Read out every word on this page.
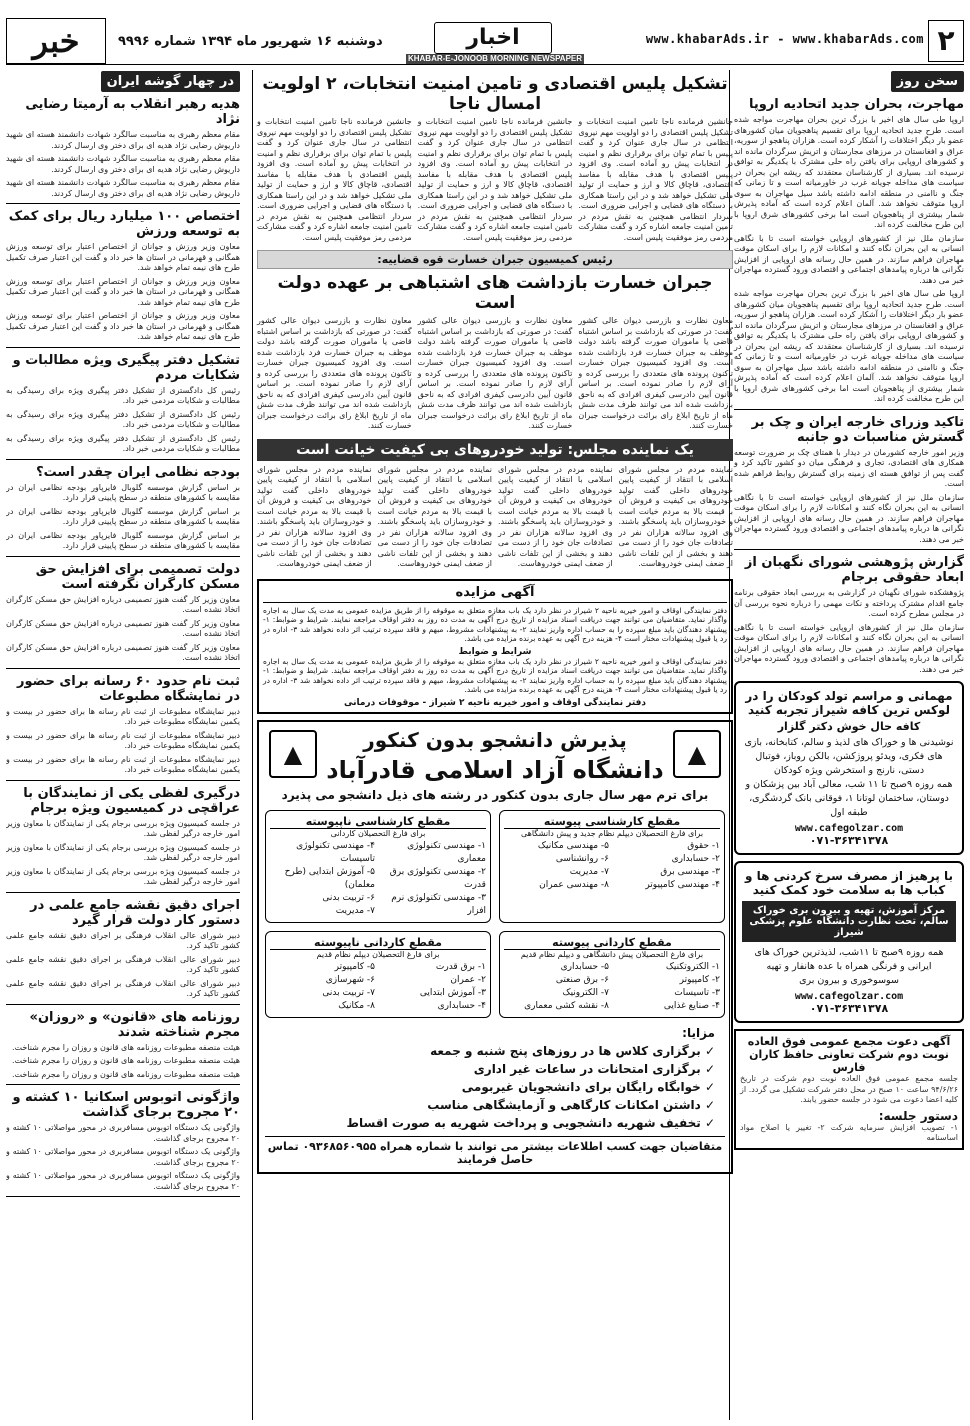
۲
www.khabarAds.ir - www.khabarAds.com
اخبار
KHABAR-E-JONOOB MORNING NEWSPAPER
دوشنبه ۱۶ شهریور ماه ۱۳۹۴ شماره ۹۹۹۶
خبر
سخن روز
مهاجرت، بحران جدید اتحادیه اروپا

اروپا طی سال های اخیر با بزرگ ترین بحران مهاجرت مواجه شده است. طرح جدید اتحادیه اروپا برای تقسیم پناهجویان میان کشورهای عضو بار دیگر اختلافات را آشکار کرده است. هزاران پناهجو از سوریه، عراق و افغانستان در مرزهای مجارستان و اتریش سرگردان مانده اند و کشورهای اروپایی برای یافتن راه حلی مشترک با یکدیگر به توافق نرسیده اند. بسیاری از کارشناسان معتقدند که ریشه این بحران در سیاست های مداخله جویانه غرب در خاورمیانه است و تا زمانی که جنگ و ناامنی در منطقه ادامه داشته باشد سیل مهاجران به سوی اروپا متوقف نخواهد شد. آلمان اعلام کرده است که آماده پذیرش شمار بیشتری از پناهجویان است اما برخی کشورهای شرق اروپا با این طرح مخالفت کرده اند.

سازمان ملل نیز از کشورهای اروپایی خواسته است تا با نگاهی انسانی به این بحران نگاه کنند و امکانات لازم را برای اسکان موقت مهاجران فراهم سازند. در همین حال رسانه های اروپایی از افزایش نگرانی ها درباره پیامدهای اجتماعی و اقتصادی ورود گسترده مهاجران خبر می دهند.

اروپا طی سال های اخیر با بزرگ ترین بحران مهاجرت مواجه شده است. طرح جدید اتحادیه اروپا برای تقسیم پناهجویان میان کشورهای عضو بار دیگر اختلافات را آشکار کرده است. هزاران پناهجو از سوریه، عراق و افغانستان در مرزهای مجارستان و اتریش سرگردان مانده اند و کشورهای اروپایی برای یافتن راه حلی مشترک با یکدیگر به توافق نرسیده اند. بسیاری از کارشناسان معتقدند که ریشه این بحران در سیاست های مداخله جویانه غرب در خاورمیانه است و تا زمانی که جنگ و ناامنی در منطقه ادامه داشته باشد سیل مهاجران به سوی اروپا متوقف نخواهد شد. آلمان اعلام کرده است که آماده پذیرش شمار بیشتری از پناهجویان است اما برخی کشورهای شرق اروپا با این طرح مخالفت کرده اند.

تاکید وزرای خارجه ایران و چک بر گسترش مناسبات دو جانبه

وزیر امور خارجه کشورمان در دیدار با همتای چک بر ضرورت توسعه همکاری های اقتصادی، تجاری و فرهنگی میان دو کشور تاکید کرد و گفت پس از توافق هسته ای زمینه برای گسترش روابط فراهم شده است.

سازمان ملل نیز از کشورهای اروپایی خواسته است تا با نگاهی انسانی به این بحران نگاه کنند و امکانات لازم را برای اسکان موقت مهاجران فراهم سازند. در همین حال رسانه های اروپایی از افزایش نگرانی ها درباره پیامدهای اجتماعی و اقتصادی ورود گسترده مهاجران خبر می دهند.

گزارش پژوهشی شورای نگهبان از ابعاد حقوقی برجام

پژوهشکده شورای نگهبان در گزارشی به بررسی ابعاد حقوقی برنامه جامع اقدام مشترک پرداخته و نکات مهمی را درباره نحوه بررسی آن در مجلس مطرح کرده است.

سازمان ملل نیز از کشورهای اروپایی خواسته است تا با نگاهی انسانی به این بحران نگاه کنند و امکانات لازم را برای اسکان موقت مهاجران فراهم سازند. در همین حال رسانه های اروپایی از افزایش نگرانی ها درباره پیامدهای اجتماعی و اقتصادی ورود گسترده مهاجران خبر می دهند.

مهمانی و مراسم تولد کودکان را در لوکس ترین کافه شیراز تجربه کنید
کافه حال خوش دکتر گلزار
نوشیدنی ها و خوراک های لذیذ و سالم، کتابخانه، بازی های فکری، ویدئو پروژکشن، بالکن روباز، فوتبال دستی، نارنج و استخرشن ویژه کودکان
همه روزه ۹صبح تا ۱۱ شب، معالی آباد بین پزشکان و دوستان، ساختمان لوتانا ۱، فوقانی بانک گردشگری، طبقه اول
www.cafegolzar.com
۰۷۱-۳۶۳۴۱۳۷۸
با پرهیز از مصرف سرخ کردنی ها و کباب ها به سلامت خود کمک کنید
مرکز آموزش، تهیه و بیرون بری خوراک سالم، تحت نظارت دانشگاه علوم پزشکی شیراز
همه روزه ۹صبح تا ۱۱شب، لذیذترین خوراک های ایرانی و فرنگی همراه با عده هانفار و تهیه سوسوخوری و بیرون بری
www.cafegolzar.com
۰۷۱-۳۶۳۴۱۳۷۸
آگهی دعوت مجمع عمومی فوق العاده نوبت دوم شرکت تعاونی حافظ کاران فارس
جلسه مجمع عمومی فوق العاده نوبت دوم شرکت در تاریخ ۹۴/۶/۲۶ ساعت ۱۰ صبح در محل دفتر شرکت تشکیل می گردد. از کلیه اعضا دعوت می شود در جلسه حضور یابند.
دستور جلسه:
۱- تصویب افزایش سرمایه شرکت ۲- تغییر یا اصلاح مواد اساسنامه
تشکیل پلیس اقتصادی و تامین امنیت انتخابات، ۲ اولویت امسال ناجا

جانشین فرمانده ناجا تامین امنیت انتخابات و تشکیل پلیس اقتصادی را دو اولویت مهم نیروی انتظامی در سال جاری عنوان کرد و گفت پلیس با تمام توان برای برقراری نظم و امنیت در انتخابات پیش رو آماده است. وی افزود پلیس اقتصادی با هدف مقابله با مفاسد اقتصادی، قاچاق کالا و ارز و حمایت از تولید ملی تشکیل خواهد شد و در این راستا همکاری با دستگاه های قضایی و اجرایی ضروری است. سردار انتظامی همچنین به نقش مردم در تامین امنیت جامعه اشاره کرد و گفت مشارکت مردمی رمز موفقیت پلیس است.

جانشین فرمانده ناجا تامین امنیت انتخابات و تشکیل پلیس اقتصادی را دو اولویت مهم نیروی انتظامی در سال جاری عنوان کرد و گفت پلیس با تمام توان برای برقراری نظم و امنیت در انتخابات پیش رو آماده است. وی افزود پلیس اقتصادی با هدف مقابله با مفاسد اقتصادی، قاچاق کالا و ارز و حمایت از تولید ملی تشکیل خواهد شد و در این راستا همکاری با دستگاه های قضایی و اجرایی ضروری است. سردار انتظامی همچنین به نقش مردم در تامین امنیت جامعه اشاره کرد و گفت مشارکت مردمی رمز موفقیت پلیس است.

جانشین فرمانده ناجا تامین امنیت انتخابات و تشکیل پلیس اقتصادی را دو اولویت مهم نیروی انتظامی در سال جاری عنوان کرد و گفت پلیس با تمام توان برای برقراری نظم و امنیت در انتخابات پیش رو آماده است. وی افزود پلیس اقتصادی با هدف مقابله با مفاسد اقتصادی، قاچاق کالا و ارز و حمایت از تولید ملی تشکیل خواهد شد و در این راستا همکاری با دستگاه های قضایی و اجرایی ضروری است. سردار انتظامی همچنین به نقش مردم در تامین امنیت جامعه اشاره کرد و گفت مشارکت مردمی رمز موفقیت پلیس است.

رئیس کمیسیون جبران خسارت قوه قضاییه:
جبران خسارت بازداشت های اشتباهی بر عهده دولت است

معاون نظارت و بازرسی دیوان عالی کشور گفت: در صورتی که بازداشت بر اساس اشتباه قاضی یا ماموران صورت گرفته باشد دولت موظف به جبران خسارت فرد بازداشت شده است. وی افزود کمیسیون جبران خسارت تاکنون پرونده های متعددی را بررسی کرده و آرای لازم را صادر نموده است. بر اساس قانون آیین دادرسی کیفری افرادی که به ناحق بازداشت شده اند می توانند ظرف مدت شش ماه از تاریخ ابلاغ رای برائت درخواست جبران خسارت کنند.

معاون نظارت و بازرسی دیوان عالی کشور گفت: در صورتی که بازداشت بر اساس اشتباه قاضی یا ماموران صورت گرفته باشد دولت موظف به جبران خسارت فرد بازداشت شده است. وی افزود کمیسیون جبران خسارت تاکنون پرونده های متعددی را بررسی کرده و آرای لازم را صادر نموده است. بر اساس قانون آیین دادرسی کیفری افرادی که به ناحق بازداشت شده اند می توانند ظرف مدت شش ماه از تاریخ ابلاغ رای برائت درخواست جبران خسارت کنند.

معاون نظارت و بازرسی دیوان عالی کشور گفت: در صورتی که بازداشت بر اساس اشتباه قاضی یا ماموران صورت گرفته باشد دولت موظف به جبران خسارت فرد بازداشت شده است. وی افزود کمیسیون جبران خسارت تاکنون پرونده های متعددی را بررسی کرده و آرای لازم را صادر نموده است. بر اساس قانون آیین دادرسی کیفری افرادی که به ناحق بازداشت شده اند می توانند ظرف مدت شش ماه از تاریخ ابلاغ رای برائت درخواست جبران خسارت کنند.

یک نماینده مجلس: تولید خودروهای بی کیفیت خیانت است

نماینده مردم در مجلس شورای اسلامی با انتقاد از کیفیت پایین خودروهای داخلی گفت تولید خودروهای بی کیفیت و فروش آن با قیمت بالا به مردم خیانت است و خودروسازان باید پاسخگو باشند. وی افزود سالانه هزاران نفر در تصادفات جان خود را از دست می دهند و بخشی از این تلفات ناشی از ضعف ایمنی خودروهاست.

نماینده مردم در مجلس شورای اسلامی با انتقاد از کیفیت پایین خودروهای داخلی گفت تولید خودروهای بی کیفیت و فروش آن با قیمت بالا به مردم خیانت است و خودروسازان باید پاسخگو باشند. وی افزود سالانه هزاران نفر در تصادفات جان خود را از دست می دهند و بخشی از این تلفات ناشی از ضعف ایمنی خودروهاست.

نماینده مردم در مجلس شورای اسلامی با انتقاد از کیفیت پایین خودروهای داخلی گفت تولید خودروهای بی کیفیت و فروش آن با قیمت بالا به مردم خیانت است و خودروسازان باید پاسخگو باشند. وی افزود سالانه هزاران نفر در تصادفات جان خود را از دست می دهند و بخشی از این تلفات ناشی از ضعف ایمنی خودروهاست.

نماینده مردم در مجلس شورای اسلامی با انتقاد از کیفیت پایین خودروهای داخلی گفت تولید خودروهای بی کیفیت و فروش آن با قیمت بالا به مردم خیانت است و خودروسازان باید پاسخگو باشند. وی افزود سالانه هزاران نفر در تصادفات جان خود را از دست می دهند و بخشی از این تلفات ناشی از ضعف ایمنی خودروهاست.

آگهی مزایده
دفتر نمایندگی اوقاف و امور خیریه ناحیه ۲ شیراز در نظر دارد یک باب مغازه متعلق به موقوفه را از طریق مزایده عمومی به مدت یک سال به اجاره واگذار نماید. متقاضیان می توانند جهت دریافت اسناد مزایده از تاریخ درج آگهی به مدت ده روز به دفتر اوقاف مراجعه نمایند. شرایط و ضوابط: ۱- پیشنهاد دهندگان باید مبلغ سپرده را به حساب اداره واریز نمایند ۲- به پیشنهادات مشروط، مبهم و فاقد سپرده ترتیب اثر داده نخواهد شد ۳- اداره در رد یا قبول پیشنهادات مختار است ۴- هزینه درج آگهی به عهده برنده مزایده می باشد.
شرایط و ضوابط
دفتر نمایندگی اوقاف و امور خیریه ناحیه ۲ شیراز در نظر دارد یک باب مغازه متعلق به موقوفه را از طریق مزایده عمومی به مدت یک سال به اجاره واگذار نماید. متقاضیان می توانند جهت دریافت اسناد مزایده از تاریخ درج آگهی به مدت ده روز به دفتر اوقاف مراجعه نمایند. شرایط و ضوابط: ۱- پیشنهاد دهندگان باید مبلغ سپرده را به حساب اداره واریز نمایند ۲- به پیشنهادات مشروط، مبهم و فاقد سپرده ترتیب اثر داده نخواهد شد ۳- اداره در رد یا قبول پیشنهادات مختار است ۴- هزینه درج آگهی به عهده برنده مزایده می باشد.
دفتر نمایندگی اوقاف و امور خیریه ناحیه ۲ شیراز - موقوفات درمانی
▲
▲	پذیرش دانشجو بدون کنکور
دانشگاه آزاد اسلامی قادرآباد
برای ترم مهر سال جاری بدون کنکور در رشته های ذیل دانشجو می پذیرد
مقطع کارشناسی پیوسته
برای فارغ التحصیلان دیپلم نظام جدید و پیش دانشگاهی
۱- حقوق
۲- حسابداری
۳- مهندسی برق
۴- مهندسی کامپیوتر
۵- مهندسی مکانیک
۶- روانشناسی
۷- مدیریت
۸- مهندسی عمران
مقطع کارشناسی ناپیوسته
برای فارغ التحصیلان کاردانی
۱- مهندسی تکنولوژی معماری
۲- مهندسی تکنولوژی برق قدرت
۳- مهندسی تکنولوژی نرم افزار
۴- مهندسی تکنولوژی تاسیسات
۵- آموزش ابتدایی (طرح معلمان)
۶- تربیت بدنی
۷- مدیریت
مقطع کاردانی پیوسته
برای فارغ التحصیلان پیش دانشگاهی و دیپلم نظام قدیم
۱- الکتروتکنیک
۲- کامپیوتر
۳- تاسیسات
۴- صنایع غذایی
۵- حسابداری
۶- برق صنعتی
۷- الکترونیک
۸- نقشه کشی معماری
مقطع کاردانی ناپیوسته
برای فارغ التحصیلان دیپلم نظام قدیم
۱- برق قدرت
۲- عمران
۳- آموزش ابتدایی
۴- حسابداری
۵- کامپیوتر
۶- شهرسازی
۷- تربیت بدنی
۸- مکانیک
مزایا:
✓ برگزاری کلاس ها در روزهای پنج شنبه و جمعه
✓ برگزاری امتحانات در ساعات غیر اداری
✓ خوابگاه رایگان برای دانشجویان غیربومی
✓ داشتن امکانات کارگاهی و آزمایشگاهی مناسب
✓ تخفیف شهریه دانشجویی و پرداخت شهریه به صورت اقساط
متقاضیان جهت کسب اطلاعات بیشتر می توانند با شماره همراه ۰۹۳۶۸۵۶۰۹۵۵ تماس حاصل فرمایند
در چهار گوشه ایران
هدیه رهبر انقلاب به آرمیتا رضایی نژاد

مقام معظم رهبری به مناسبت سالگرد شهادت دانشمند هسته ای شهید داریوش رضایی نژاد هدیه ای برای دختر وی ارسال کردند.

مقام معظم رهبری به مناسبت سالگرد شهادت دانشمند هسته ای شهید داریوش رضایی نژاد هدیه ای برای دختر وی ارسال کردند.

مقام معظم رهبری به مناسبت سالگرد شهادت دانشمند هسته ای شهید داریوش رضایی نژاد هدیه ای برای دختر وی ارسال کردند.

اختصاص ۱۰۰ میلیارد ریال برای کمک به توسعه ورزش

معاون وزیر ورزش و جوانان از اختصاص اعتبار برای توسعه ورزش همگانی و قهرمانی در استان ها خبر داد و گفت این اعتبار صرف تکمیل طرح های نیمه تمام خواهد شد.

معاون وزیر ورزش و جوانان از اختصاص اعتبار برای توسعه ورزش همگانی و قهرمانی در استان ها خبر داد و گفت این اعتبار صرف تکمیل طرح های نیمه تمام خواهد شد.

معاون وزیر ورزش و جوانان از اختصاص اعتبار برای توسعه ورزش همگانی و قهرمانی در استان ها خبر داد و گفت این اعتبار صرف تکمیل طرح های نیمه تمام خواهد شد.

تشکیل دفتر پیگیری ویژه مطالبات و شکایات مردم

رئیس کل دادگستری از تشکیل دفتر پیگیری ویژه برای رسیدگی به مطالبات و شکایات مردمی خبر داد.

رئیس کل دادگستری از تشکیل دفتر پیگیری ویژه برای رسیدگی به مطالبات و شکایات مردمی خبر داد.

رئیس کل دادگستری از تشکیل دفتر پیگیری ویژه برای رسیدگی به مطالبات و شکایات مردمی خبر داد.

بودجه نظامی ایران چقدر است؟

بر اساس گزارش موسسه گلوبال فایرپاور بودجه نظامی ایران در مقایسه با کشورهای منطقه در سطح پایینی قرار دارد.

بر اساس گزارش موسسه گلوبال فایرپاور بودجه نظامی ایران در مقایسه با کشورهای منطقه در سطح پایینی قرار دارد.

بر اساس گزارش موسسه گلوبال فایرپاور بودجه نظامی ایران در مقایسه با کشورهای منطقه در سطح پایینی قرار دارد.

دولت تصمیمی برای افزایش حق مسکن کارگران نگرفته است

معاون وزیر کار گفت هنوز تصمیمی درباره افزایش حق مسکن کارگران اتخاذ نشده است.

معاون وزیر کار گفت هنوز تصمیمی درباره افزایش حق مسکن کارگران اتخاذ نشده است.

معاون وزیر کار گفت هنوز تصمیمی درباره افزایش حق مسکن کارگران اتخاذ نشده است.

ثبت نام حدود ۶۰ رسانه برای حضور در نمایشگاه مطبوعات

دبیر نمایشگاه مطبوعات از ثبت نام رسانه ها برای حضور در بیست و یکمین نمایشگاه مطبوعات خبر داد.

دبیر نمایشگاه مطبوعات از ثبت نام رسانه ها برای حضور در بیست و یکمین نمایشگاه مطبوعات خبر داد.

دبیر نمایشگاه مطبوعات از ثبت نام رسانه ها برای حضور در بیست و یکمین نمایشگاه مطبوعات خبر داد.

درگیری لفظی یکی از نمایندگان با عراقچی در کمیسیون ویژه برجام

در جلسه کمیسیون ویژه بررسی برجام یکی از نمایندگان با معاون وزیر امور خارجه درگیر لفظی شد.

در جلسه کمیسیون ویژه بررسی برجام یکی از نمایندگان با معاون وزیر امور خارجه درگیر لفظی شد.

در جلسه کمیسیون ویژه بررسی برجام یکی از نمایندگان با معاون وزیر امور خارجه درگیر لفظی شد.

اجرای دقیق نقشه جامع علمی در دستور کار دولت قرار گیرد

دبیر شورای عالی انقلاب فرهنگی بر اجرای دقیق نقشه جامع علمی کشور تاکید کرد.

دبیر شورای عالی انقلاب فرهنگی بر اجرای دقیق نقشه جامع علمی کشور تاکید کرد.

دبیر شورای عالی انقلاب فرهنگی بر اجرای دقیق نقشه جامع علمی کشور تاکید کرد.

روزنامه های «قانون» و «روزان» مجرم شناخته شدند

هیئت منصفه مطبوعات روزنامه های قانون و روزان را مجرم شناخت.

هیئت منصفه مطبوعات روزنامه های قانون و روزان را مجرم شناخت.

هیئت منصفه مطبوعات روزنامه های قانون و روزان را مجرم شناخت.

واژگونی اتوبوس اسکانیا ۱۰ کشته و ۲۰ مجروح برجای گذاشت

واژگونی یک دستگاه اتوبوس مسافربری در محور مواصلاتی ۱۰ کشته و ۲۰ مجروح برجای گذاشت.

واژگونی یک دستگاه اتوبوس مسافربری در محور مواصلاتی ۱۰ کشته و ۲۰ مجروح برجای گذاشت.

واژگونی یک دستگاه اتوبوس مسافربری در محور مواصلاتی ۱۰ کشته و ۲۰ مجروح برجای گذاشت.
